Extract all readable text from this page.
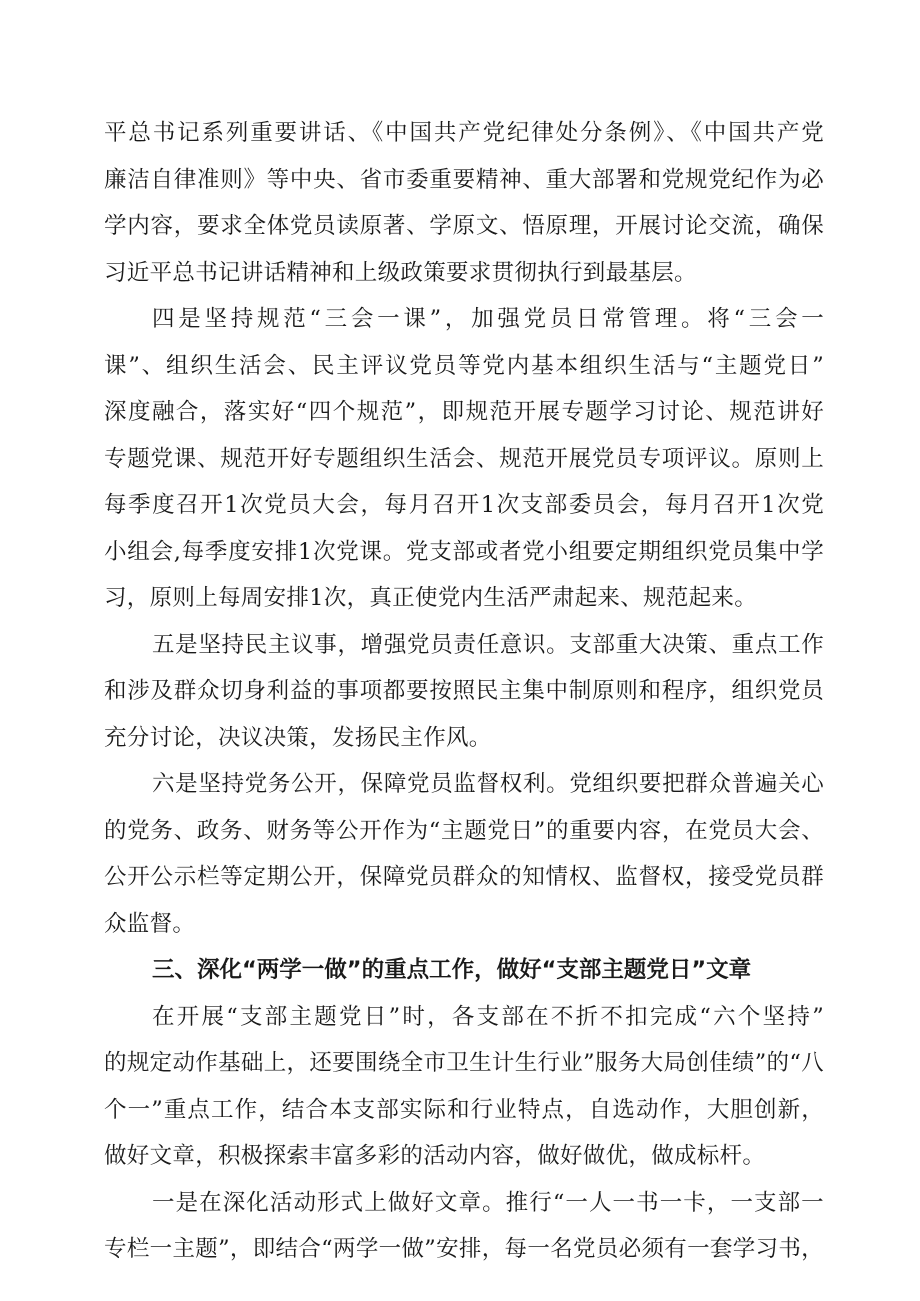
平总书记系列重要讲话、《中国共产党纪律处分条例》、《中国共产党
廉洁自律准则》等中央、省市委重要精神、重大部署和党规党纪作为必
学内容，要求全体党员读原著、学原文、悟原理，开展讨论交流，确保
习近平总书记讲话精神和上级政策要求贯彻执行到最基层。
四是坚持规范“三会一课”，加强党员日常管理。将“三会一
课”、组织生活会、民主评议党员等党内基本组织生活与“主题党日”
深度融合，落实好“四个规范”，即规范开展专题学习讨论、规范讲好
专题党课、规范开好专题组织生活会、规范开展党员专项评议。原则上
每季度召开1次党员大会，每月召开1次支部委员会，每月召开1次党
小组会,每季度安排1次党课。党支部或者党小组要定期组织党员集中学
习，原则上每周安排1次，真正使党内生活严肃起来、规范起来。
五是坚持民主议事，增强党员责任意识。支部重大决策、重点工作
和涉及群众切身利益的事项都要按照民主集中制原则和程序，组织党员
充分讨论，决议决策，发扬民主作风。
六是坚持党务公开，保障党员监督权利。党组织要把群众普遍关心
的党务、政务、财务等公开作为“主题党日”的重要内容，在党员大会、
公开公示栏等定期公开，保障党员群众的知情权、监督权，接受党员群
众监督。
三、深化“两学一做”的重点工作，做好“支部主题党日”文章
在开展“支部主题党日”时，各支部在不折不扣完成“六个坚持”
的规定动作基础上，还要围绕全市卫生计生行业”服务大局创佳绩”的“八
个一”重点工作，结合本支部实际和行业特点，自选动作，大胆创新，
做好文章，积极探索丰富多彩的活动内容，做好做优，做成标杆。
一是在深化活动形式上做好文章。推行“一人一书一卡，一支部一
专栏一主题”，即结合“两学一做”安排，每一名党员必须有一套学习书，
